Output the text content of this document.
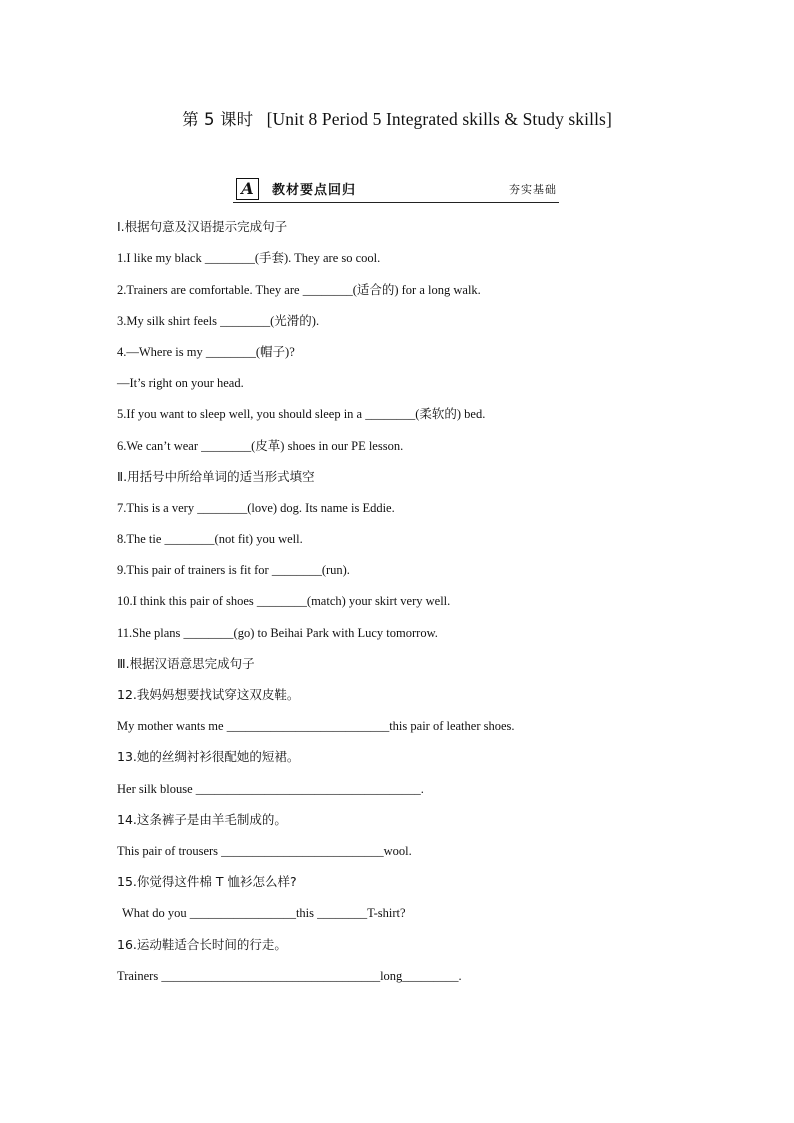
第 5 课时 [Unit 8 Period 5 Integrated skills & Study skills]
A	教材要点回归	夯实基础
Ⅰ.根据句意及汉语提示完成句子
1.I like my black ________(手套). They are so cool.
2.Trainers are comfortable. They are ________(适合的) for a long walk.
3.My silk shirt feels ________(光滑的).
4.—Where is my ________(帽子)?
—It’s right on your head.
5.If you want to sleep well, you should sleep in a ________(柔软的) bed.
6.We can’t wear ________(皮革) shoes in our PE lesson.
Ⅱ.用括号中所给单词的适当形式填空
7.This is a very ________(love) dog. Its name is Eddie.
8.The tie ________(not fit) you well.
9.This pair of trainers is fit for ________(run).
10.I think this pair of shoes ________(match) your skirt very well.
11.She plans ________(go) to Beihai Park with Lucy tomorrow.
Ⅲ.根据汉语意思完成句子
12.我妈妈想要找试穿这双皮鞋。
My mother wants me __________________________this pair of leather shoes.
13.她的丝绸衬衫很配她的短裙。
Her silk blouse ____________________________________.
14.这条裤子是由羊毛制成的。
This pair of trousers __________________________wool.
15.你觉得这件棉 T 恤衫怎么样?
What do you _________________this ________T-shirt?
16.运动鞋适合长时间的行走。
Trainers ___________________________________long_________.
